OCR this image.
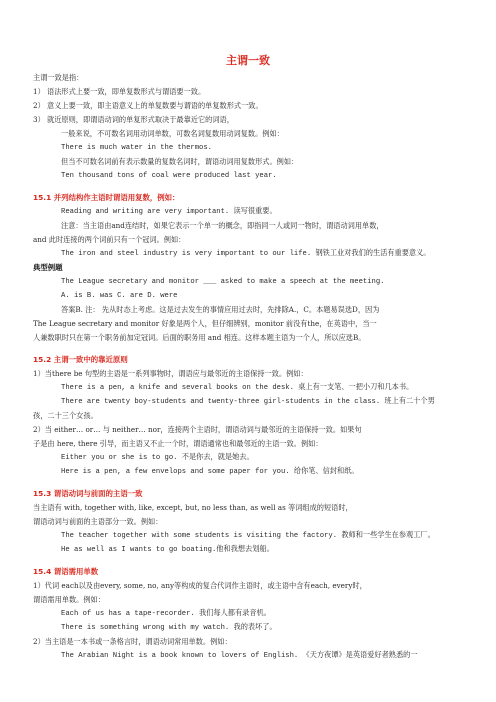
主谓一致
主谓一致是指：
1） 语法形式上要一致，即单复数形式与谓语要一致。
2） 意义上要一致，即主语意义上的单复数要与谓语的单复数形式一致。
3） 就近原则，即谓语动词的单复形式取决于最靠近它的词语，
一般来说，不可数名词用动词单数，可数名词复数用动词复数。例如：
There is much water in the thermos.
但当不可数名词前有表示数量的复数名词时，谓语动词用复数形式。例如：
Ten thousand tons of coal were produced last year.
15.1 并列结构作主语时谓语用复数，例如：
Reading and writing are very important. 读写很重要。
注意：当主语由and连结时，如果它表示一个单一的概念，即指同一人或同一物时，谓语动词用单数，
and 此时连接的两个词前只有一个冠词。例如：
The iron and steel industry is very important to our life. 钢铁工业对我们的生活有重要意义。
典型例题
The League secretary and monitor ___ asked to make a speech at the meeting.
A. is B. was C. are D. were
答案B. 注： 先从时态上考虑。这是过去发生的事情应用过去时，先排除A.，C。本题易误选D，因为
The League secretary and monitor 好象是两个人，但仔细辨别，monitor 前没有the，在英语中，当一
人兼数职时只在第一个职务前加定冠词。后面的职务用 and 相连。这样本题主语为一个人，所以应选B。
15.2 主谓一致中的靠近原则
1）当there be 句型的主语是一系列事物时，谓语应与最邻近的主语保持一致。例如：
There is a pen, a knife and several books on the desk. 桌上有一支笔、一把小刀和几本书。
There are twenty boy-students and twenty-three girl-students in the class. 班上有二十个男
孩，二十三个女孩。
2）当 either… or… 与 neither… nor，连接两个主语时，谓语动词与最邻近的主语保持一致。如果句
子是由 here, there 引导，而主语又不止一个时，谓语通常也和最邻近的主语一致。例如：
Either you or she is to go. 不是你去，就是她去。
Here is a pen, a few envelops and some paper for you. 给你笔、信封和纸。
15.3 谓语动词与前面的主语一致
当主语有 with, together with, like, except, but, no less than, as well as 等词组成的短语时，
谓语动词与前面的主语部分一致。例如：
The teacher together with some students is visiting the factory. 教师和一些学生在参观工厂。
He as well as I wants to go boating.他和我想去划船。
15.4 谓语需用单数
1）代词 each以及由every, some, no, any等构成的复合代词作主语时，或主语中含有each, every时，
谓语需用单数。例如：
Each of us has a tape-recorder. 我们每人都有录音机。
There is something wrong with my watch. 我的表坏了。
2）当主语是一本书或一条格言时，谓语动词常用单数。例如：
The Arabian Night is a book known to lovers of English. 《天方夜谭》是英语爱好者熟悉的一
